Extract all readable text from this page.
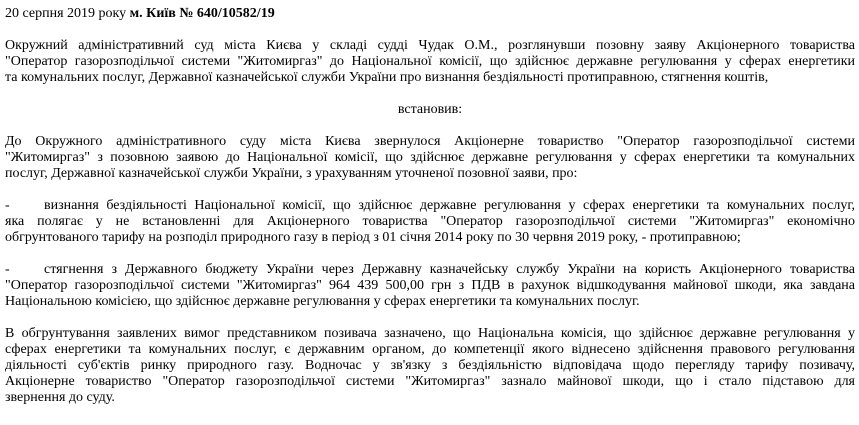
20 серпня 2019 року м. Київ № 640/10582/19
Окружний адміністративний суд міста Києва у складі судді Чудак О.М., розглянувши позовну заяву Акціонерного товариства
"Оператор газорозподільчої системи "Житомиргаз" до Національної комісії, що здійснює державне регулювання у сферах енергетики
та комунальних послуг, Державної казначейської служби України про визнання бездіяльності протиправною, стягнення коштів,
встановив:
До Окружного адміністративного суду міста Києва звернулося Акціонерне товариство "Оператор газорозподільчої системи
"Житомиргаз" з позовною заявою до Національної комісії, що здійснює державне регулювання у сферах енергетики та комунальних
послуг, Державної казначейської служби України, з урахуванням уточненої позовної заяви, про:
-	визнання бездіяльності Національної комісії, що здійснює державне регулювання у сферах енергетики та комунальних послуг,
яка полягає у не встановленні для Акціонерного товариства "Оператор газорозподільчої системи "Житомиргаз" економічно
обгрунтованого тарифу на розподіл природного газу в період з 01 січня 2014 року по 30 червня 2019 року, - протиправною;
-	стягнення з Державного бюджету України через Державну казначейську службу України на користь Акціонерного товариства
"Оператор газорозподільчої системи "Житомиргаз" 964 439 500,00 грн з ПДВ в рахунок відшкодування майнової шкоди, яка завдана
Національною комісією, що здійснює державне регулювання у сферах енергетики та комунальних послуг.
В обгрунтування заявлених вимог представником позивача зазначено, що Національна комісія, що здійснює державне регулювання у
сферах енергетики та комунальних послуг, є державним органом, до компетенції якого віднесено здійснення правового регулювання
діяльності суб'єктів ринку природного газу. Водночас у зв'язку з бездіяльністю відповідача щодо перегляду тарифу позивачу,
Акціонерне товариство "Оператор газорозподільчої системи "Житомиргаз" зазнало майнової шкоди, що і стало підставою для
звернення до суду.
